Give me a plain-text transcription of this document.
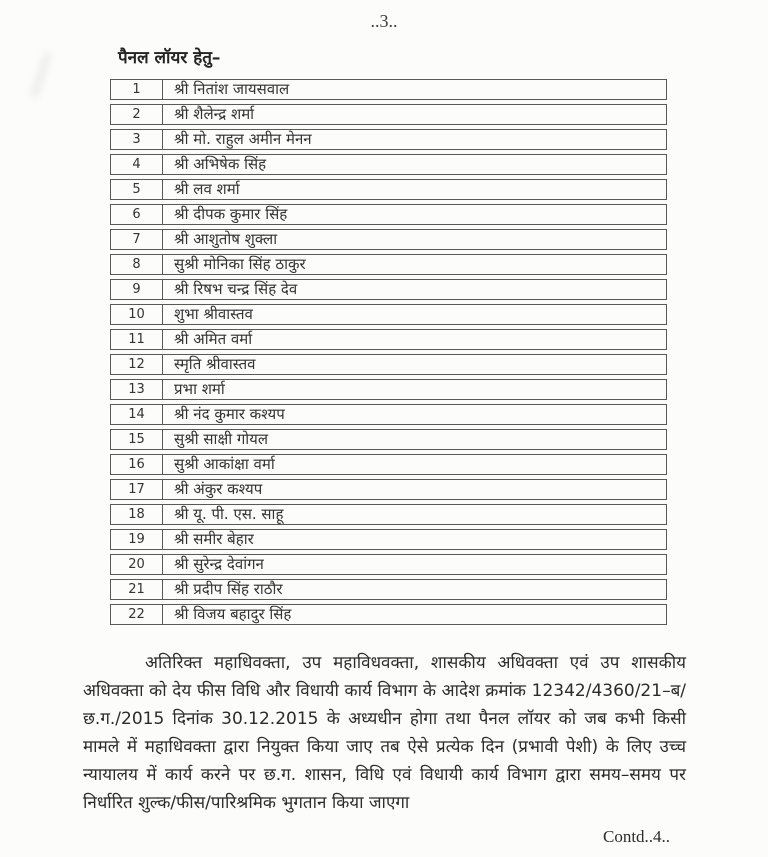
..3..
पैनल लॉयर हेतु–
1	श्री नितांश जायसवाल
2	श्री शैलेन्द्र शर्मा
3	श्री मो. राहुल अमीन मेनन
4	श्री अभिषेक सिंह
5	श्री लव शर्मा
6	श्री दीपक कुमार सिंह
7	श्री आशुतोष शुक्ला
8	सुश्री मोनिका सिंह ठाकुर
9	श्री रिषभ चन्द्र सिंह देव
10	शुभा श्रीवास्तव
11	श्री अमित वर्मा
12	स्मृति श्रीवास्तव
13	प्रभा शर्मा
14	श्री नंद कुमार कश्यप
15	सुश्री साक्षी गोयल
16	सुश्री आकांक्षा वर्मा
17	श्री अंकुर कश्यप
18	श्री यू. पी. एस. साहू
19	श्री समीर बेहार
20	श्री सुरेन्द्र देवांगन
21	श्री प्रदीप सिंह राठौर
22	श्री विजय बहादुर सिंह
अतिरिक्त महाधिवक्ता, उप महाविधवक्ता, शासकीय अधिवक्ता एवं उप शासकीय अधिवक्ता को देय फीस विधि और विधायी कार्य विभाग के आदेश क्रमांक 12342/4360/21–ब/छ.ग./2015 दिनांक 30.12.2015 के अध्यधीन होगा तथा पैनल लॉयर को जब कभी किसी मामले में महाधिवक्ता द्वारा नियुक्त किया जाए तब ऐसे प्रत्येक दिन (प्रभावी पेशी) के लिए उच्च न्यायालय में कार्य करने पर छ.ग. शासन, विधि एवं विधायी कार्य विभाग द्वारा समय–समय पर निर्धारित शुल्क/फीस/पारिश्रमिक भुगतान किया जाएगा
Contd..4..
